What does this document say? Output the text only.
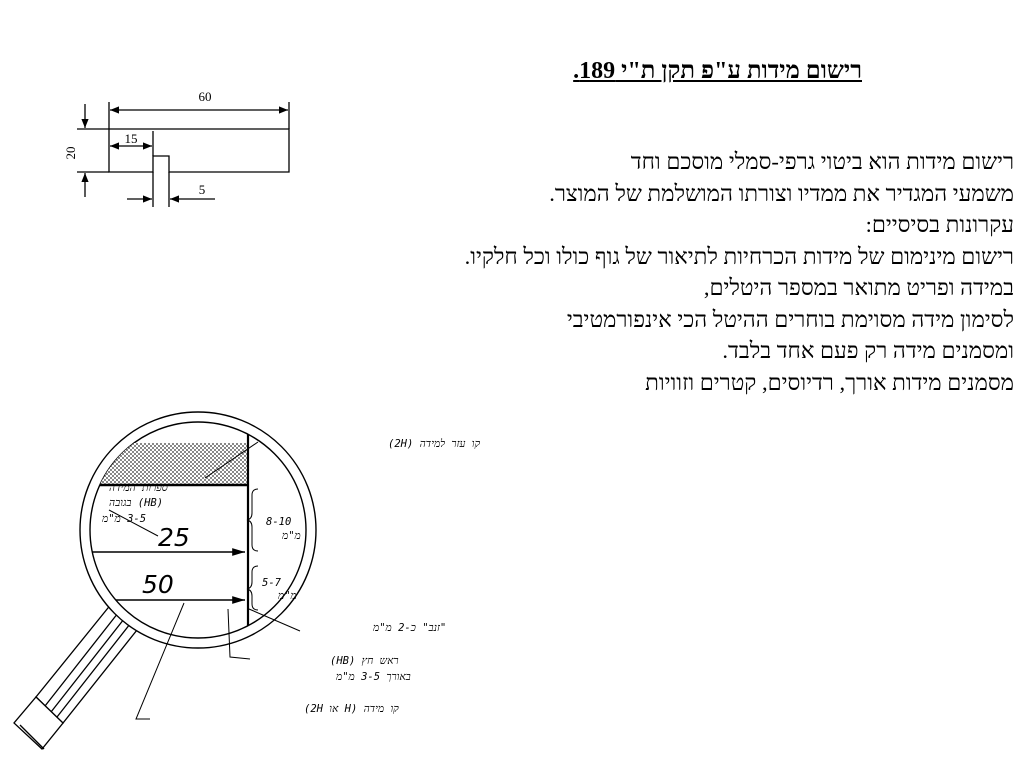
רישום מידות ע"פ תקן ת"י 189.
רישום מידות הוא ביטוי גרפי-סמלי מוסכם וחד
משמעי המגדיר את ממדיו וצורתו המושלמת של המוצר.
עקרונות בסיסיים:
רישום מינימום של מידות הכרחיות לתיאור של גוף כולו וכל חלקיו.
במידה ופריט מתואר במספר היטלים,
לסימון מידה מסוימת בוחרים ההיטל הכי אינפורמטיבי
ומסמנים מידה רק פעם אחד בלבד.
מסמנים מידות אורך, רדיוסים, קטרים וזוויות
60
15
20
5
25
50
קו עזר למידה (2H)
ספרות המידה
(HB) בגובה
3-5 מ"מ	8-10
מ"מ
5-7
מ"מ
"זנב" כ-2 מ"מ
ראש חץ (HB)
באורך 3-5 מ"מ
קו מידה (H או 2H)
